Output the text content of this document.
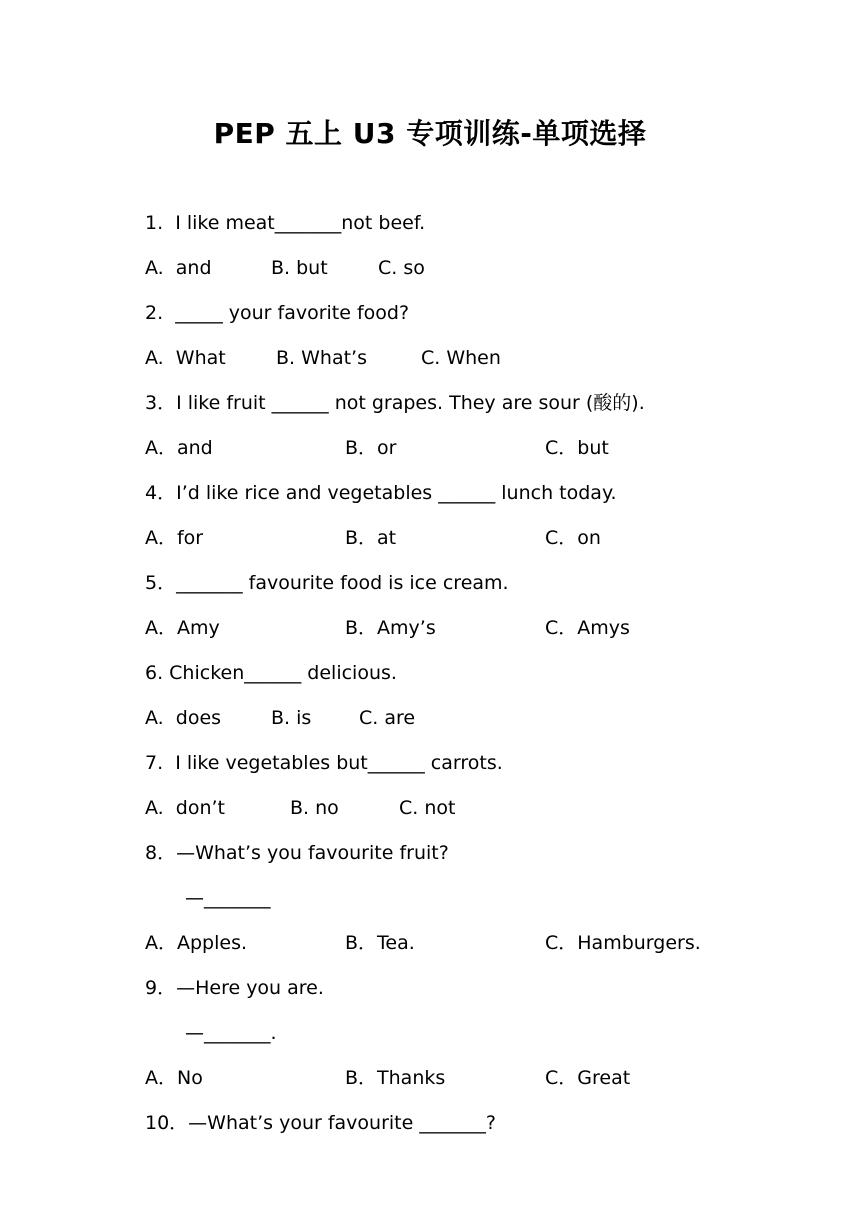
PEP 五上 U3 专项训练-单项选择
1.  I like meat_______not beef.
A.  and	B. but	C. so
2.  _____ your favorite food?
A.  What	B. What’s	C. When
3．I like fruit ______ not grapes. They are sour (酸的).
A．and	B．or	C．but
4．I’d like rice and vegetables ______ lunch today.
A．for	B．at	C．on
5．_______ favourite food is ice cream.
A．Amy	B．Amy’s	C．Amys
6. Chicken______ delicious.
A.  does	B. is	C. are
7.  I like vegetables but______ carrots.
A.  don’t	B. no	C. not
8．—What’s you favourite fruit?
—_______
A．Apples.	B．Tea.	C．Hamburgers.
9．—Here you are.
—_______.
A．No	B．Thanks	C．Great
10．—What’s your favourite _______?
